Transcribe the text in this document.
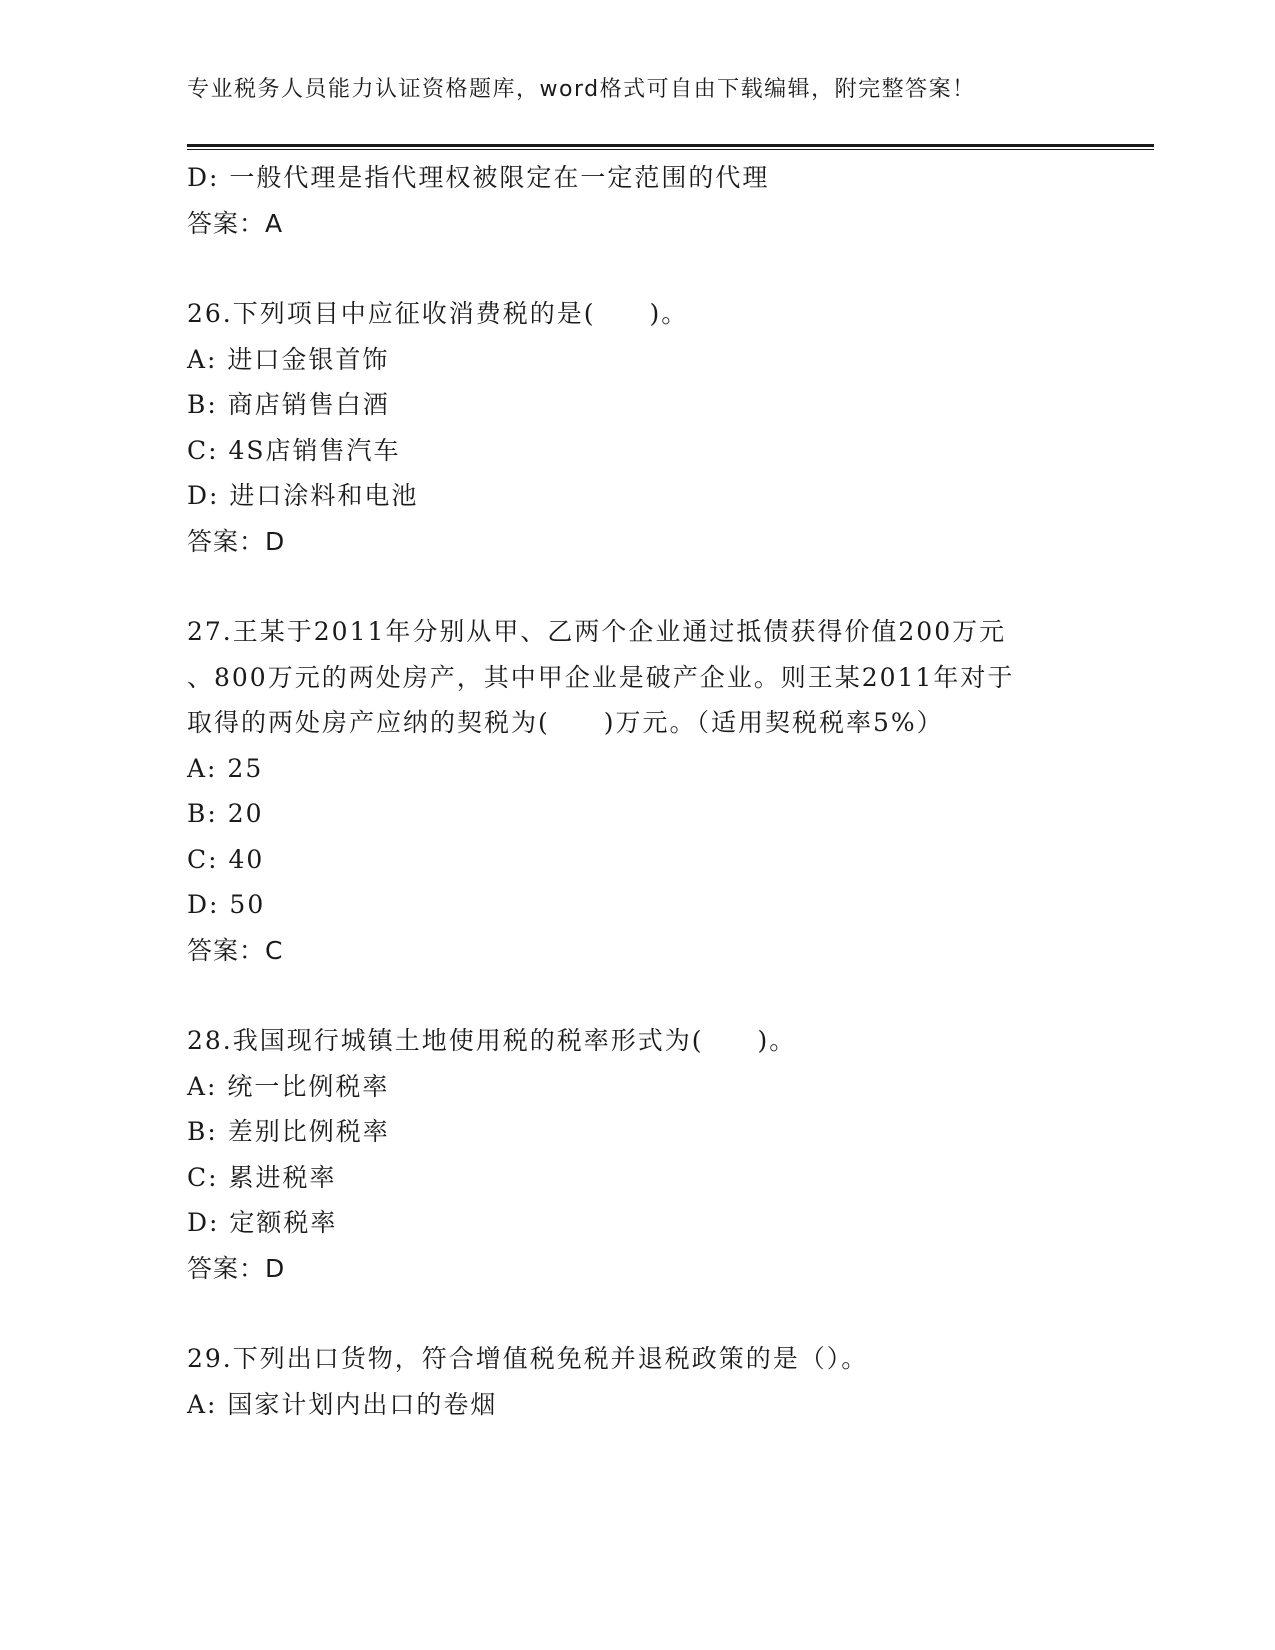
专业税务人员能力认证资格题库，word格式可自由下载编辑，附完整答案！
D: 一般代理是指代理权被限定在一定范围的代理
答案：A
26.下列项目中应征收消费税的是(　　)。
A: 进口金银首饰
B: 商店销售白酒
C: 4S店销售汽车
D: 进口涂料和电池
答案：D
27.王某于2011年分别从甲、乙两个企业通过抵债获得价值200万元
、800万元的两处房产，其中甲企业是破产企业。则王某2011年对于
取得的两处房产应纳的契税为(　　)万元。（适用契税税率5%）
A: 25
B: 20
C: 40
D: 50
答案：C
28.我国现行城镇土地使用税的税率形式为(　　)。
A: 统一比例税率
B: 差别比例税率
C: 累进税率
D: 定额税率
答案：D
29.下列出口货物，符合增值税免税并退税政策的是（）。
A: 国家计划内出口的卷烟
